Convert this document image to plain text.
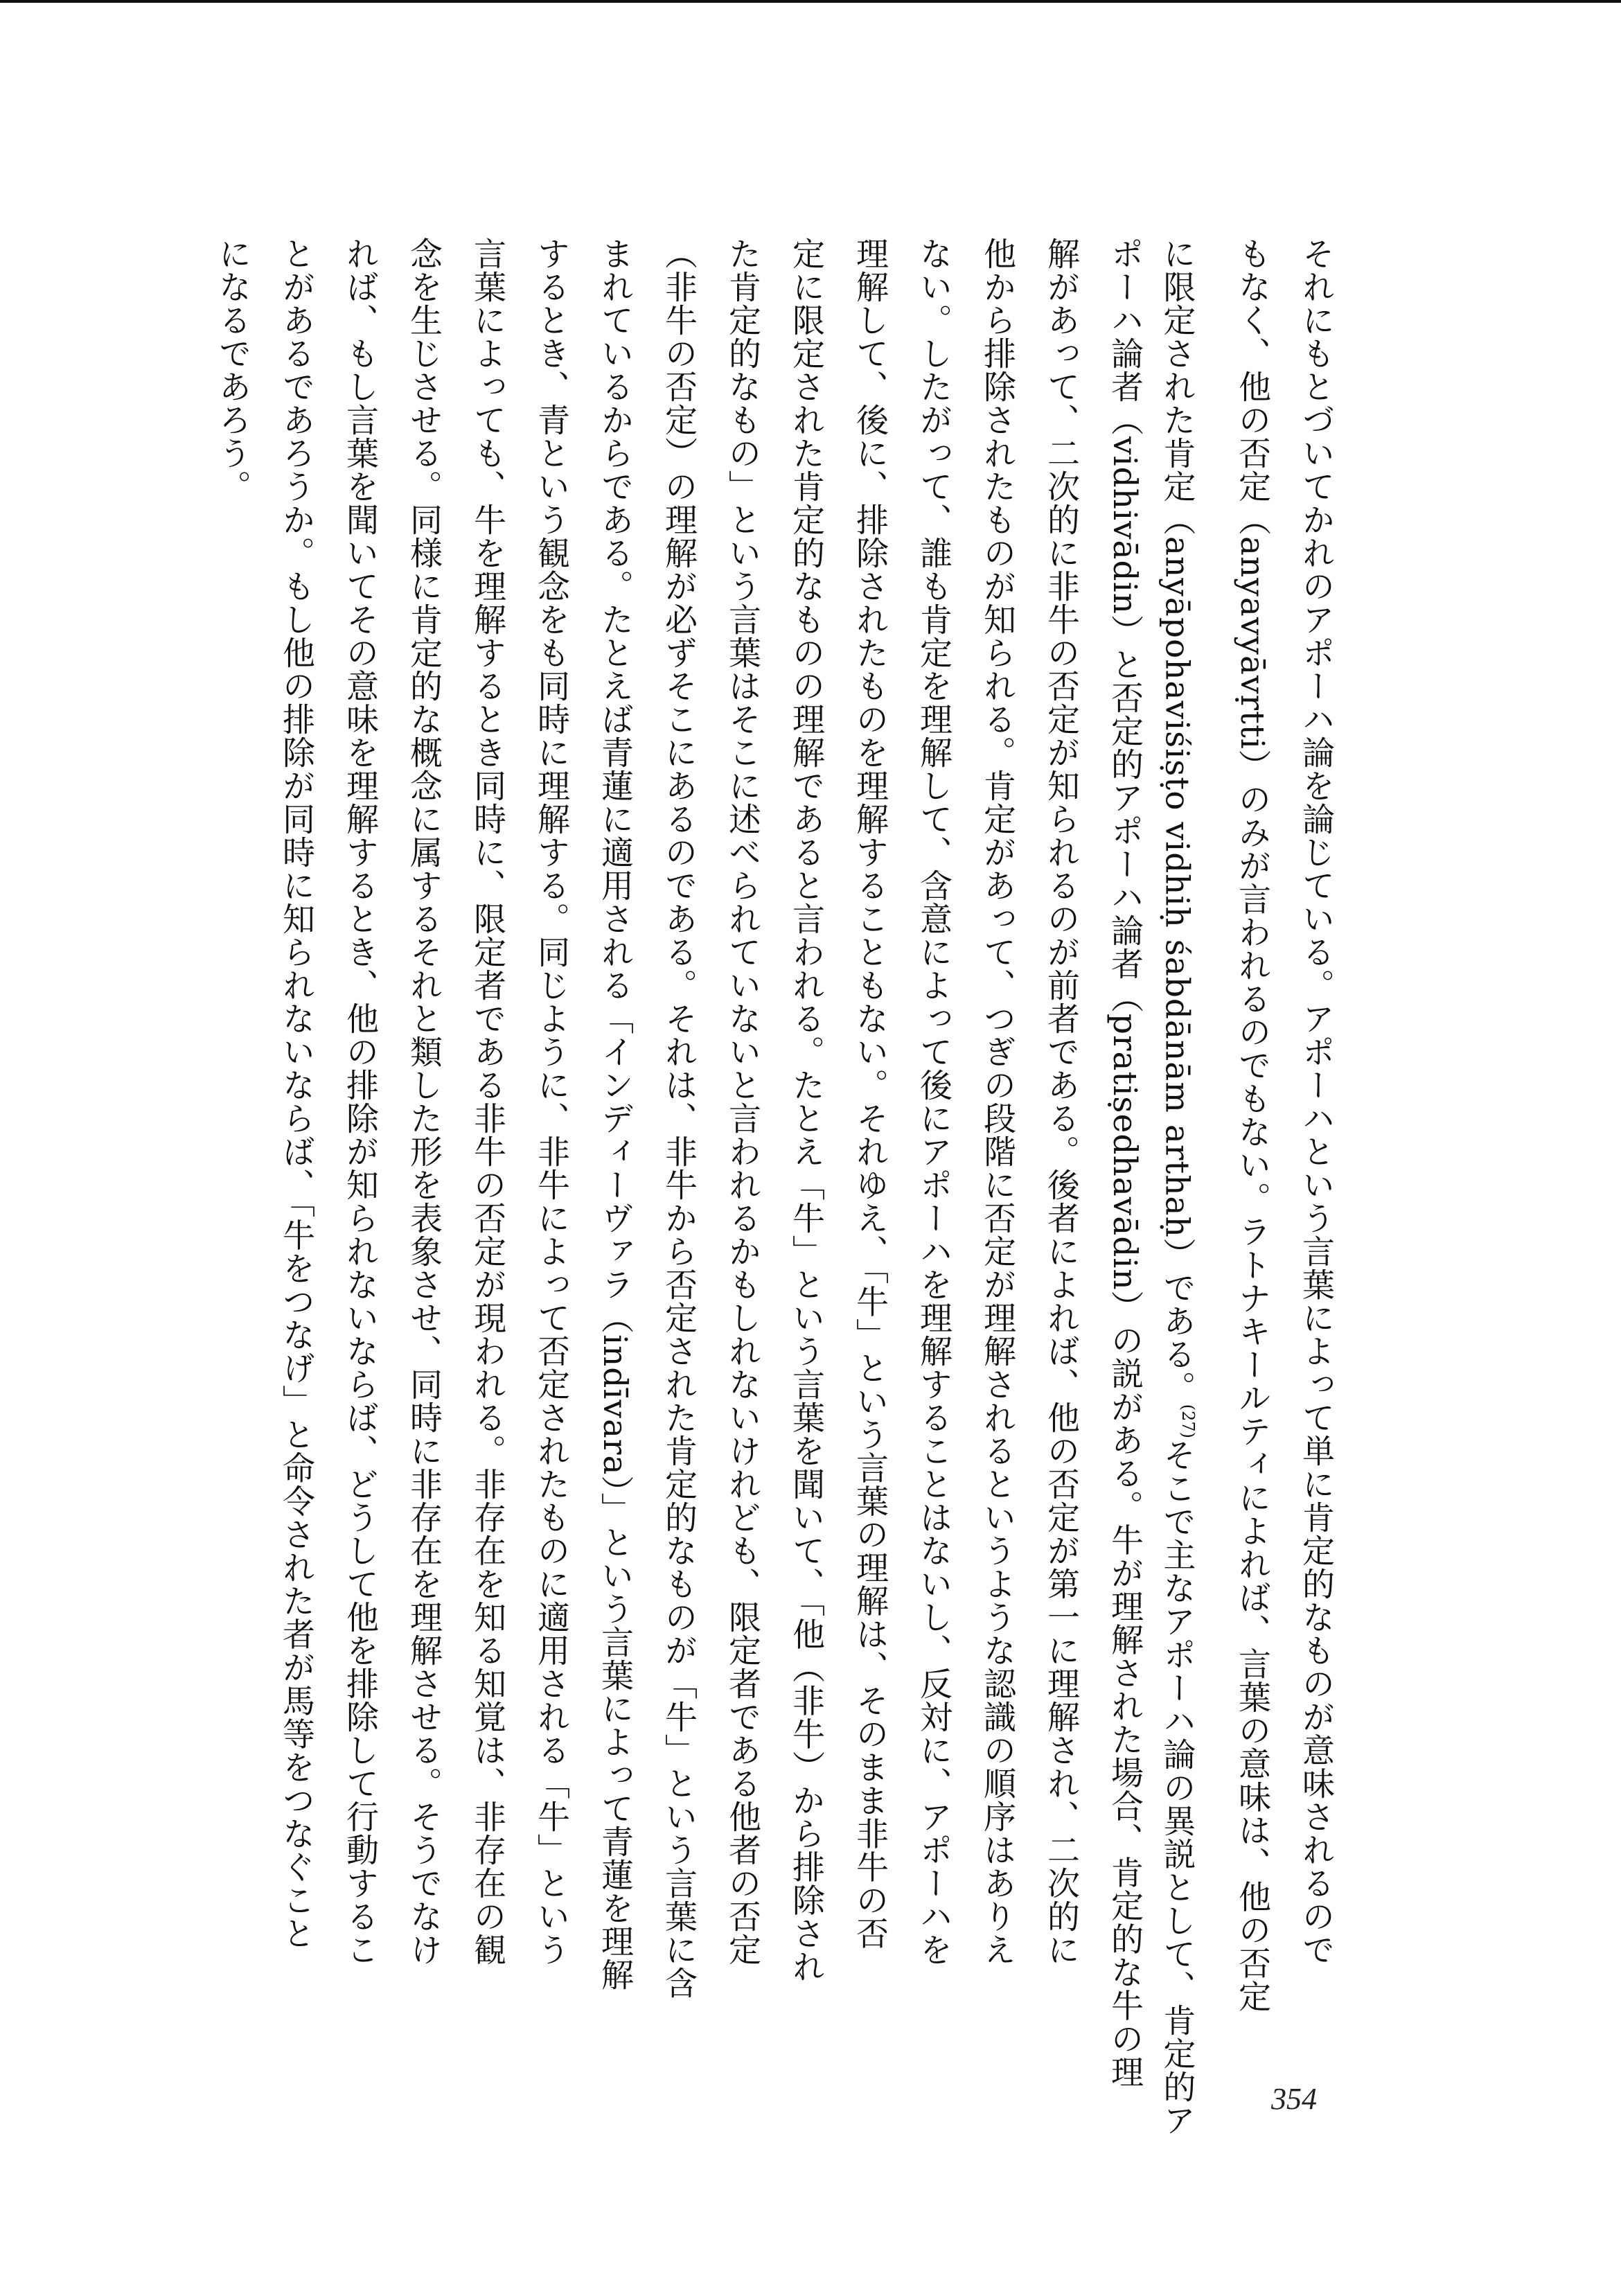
それにもとづいてかれのアポーハ論を論じている。アポーハという言葉によって単に肯定的なものが意味されるので
もなく、他の否定（anyavyāvṛtti）のみが言われるのでもない。ラトナキールティによれば、言葉の意味は、他の否定
に限定された肯定（anyāpohaviśiṣṭo vidhiḥ śabdānām arthaḥ）である。$^{(27)}$そこで主なアポーハ論の異説として、肯定的ア
ポーハ論者（vidhivādin）と否定的アポーハ論者（pratiṣedhavādin）の説がある。牛が理解された場合、肯定的な牛の理
解があって、二次的に非牛の否定が知られるのが前者である。後者によれば、他の否定が第一に理解され、二次的に
他から排除されたものが知られる。肯定があって、つぎの段階に否定が理解されるというような認識の順序はありえ
ない。したがって、誰も肯定を理解して、含意によって後にアポーハを理解することはないし、反対に、アポーハを
理解して、後に、排除されたものを理解することもない。それゆえ、「牛」という言葉の理解は、そのまま非牛の否
定に限定された肯定的なものの理解であると言われる。たとえ「牛」という言葉を聞いて、「他（非牛）から排除され
た肯定的なもの」という言葉はそこに述べられていないと言われるかもしれないけれども、限定者である他者の否定
（非牛の否定）の理解が必ずそこにあるのである。それは、非牛から否定された肯定的なものが「牛」という言葉に含
まれているからである。たとえば青蓮に適用される「インディーヴァラ（indīvara）」という言葉によって青蓮を理解
するとき、青という観念をも同時に理解する。同じように、非牛によって否定されたものに適用される「牛」という
言葉によっても、牛を理解するとき同時に、限定者である非牛の否定が現われる。非存在を知る知覚は、非存在の観
念を生じさせる。同様に肯定的な概念に属するそれと類した形を表象させ、同時に非存在を理解させる。そうでなけ
れば、もし言葉を聞いてその意味を理解するとき、他の排除が知られないならば、どうして他を排除して行動するこ
とがあるであろうか。もし他の排除が同時に知られないならば、「牛をつなげ」と命令された者が馬等をつなぐこと
になるであろう。
354
